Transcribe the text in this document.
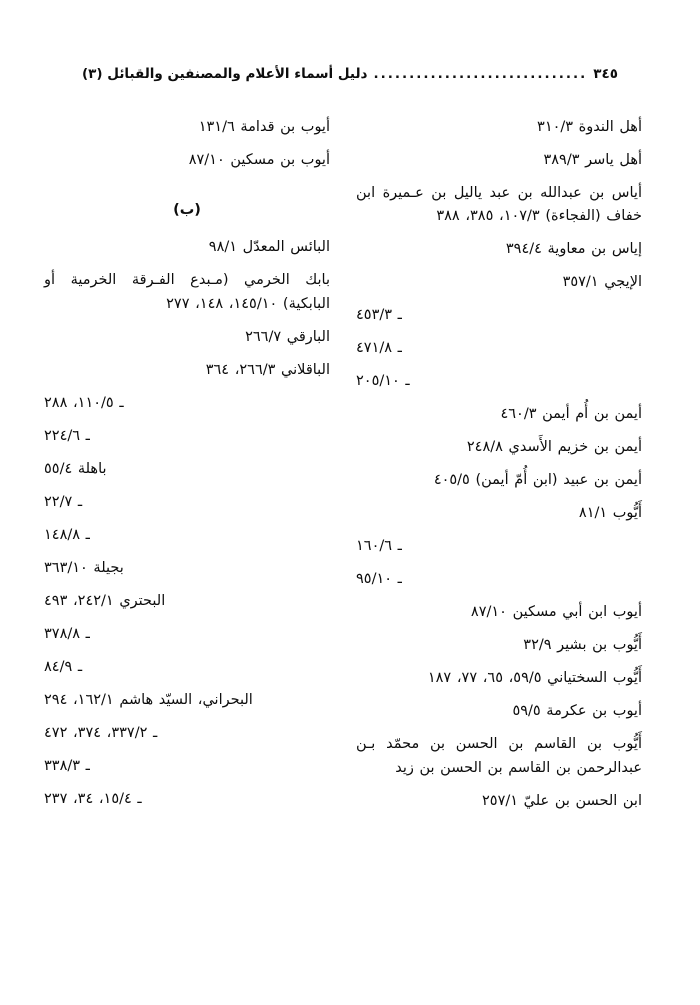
٣٤٥
..............................
دليل أسماء الأعلام والمصنفين والقبائل (٣)
أهل الندوة ٣١٠/٣
أهل ياسر ٣٨٩/٣
أياس بن عبدالله بن عبد ياليل بن عـميرة ابن خفاف (الفجاءة) ١٠٧/٣، ٣٨٥، ٣٨٨
إياس بن معاوية ٣٩٤/٤
الإيجي ٣٥٧/١
ـ ٤٥٣/٣
ـ ٤٧١/٨
ـ ٢٠٥/١٠
أيمن بن أُم أيمن ٤٦٠/٣
أيمن بن خزيم الأَسدي ٢٤٨/٨
أيمن بن عبيد (ابن أُمّ أيمن) ٤٠٥/٥
أَيُّوب ٨١/١
ـ ١٦٠/٦
ـ ٩٥/١٠
أيوب ابن أبي مسكين ٨٧/١٠
أَيُّوب بن بشير ٣٢/٩
أَيُّوب السختياني ٥٩/٥، ٦٥، ٧٧، ١٨٧
أيوب بن عكرمة ٥٩/٥
أَيُّوب بن القاسم بن الحسن بن محمّد بـن عبدالرحمن بن القاسم بن الحسن بن زيد
ابن الحسن بن عليّ ٢٥٧/١
أيوب بن قدامة ١٣١/٦
أيوب بن مسكين ٨٧/١٠
(ب)
البائس المعدّل ٩٨/١
بابك الخرمي (مـبدع الفـرقة الخرمية أو البابكية) ١٤٥/١٠، ١٤٨، ٢٧٧
البارقي ٢٦٦/٧
الباقلاني ٢٦٦/٣، ٣٦٤
ـ ١١٠/٥، ٢٨٨
ـ ٢٢٤/٦
باهلة ٥٥/٤
ـ ٢٢/٧
ـ ١٤٨/٨
بجيلة ٣٦٣/١٠
البحتري ٢٤٢/١، ٤٩٣
ـ ٣٧٨/٨
ـ ٨٤/٩
البحراني، السيّد هاشم ١٦٢/١، ٢٩٤
ـ ٣٣٧/٢، ٣٧٤، ٤٧٢
ـ ٣٣٨/٣
ـ ١٥/٤، ٣٤، ٢٣٧
